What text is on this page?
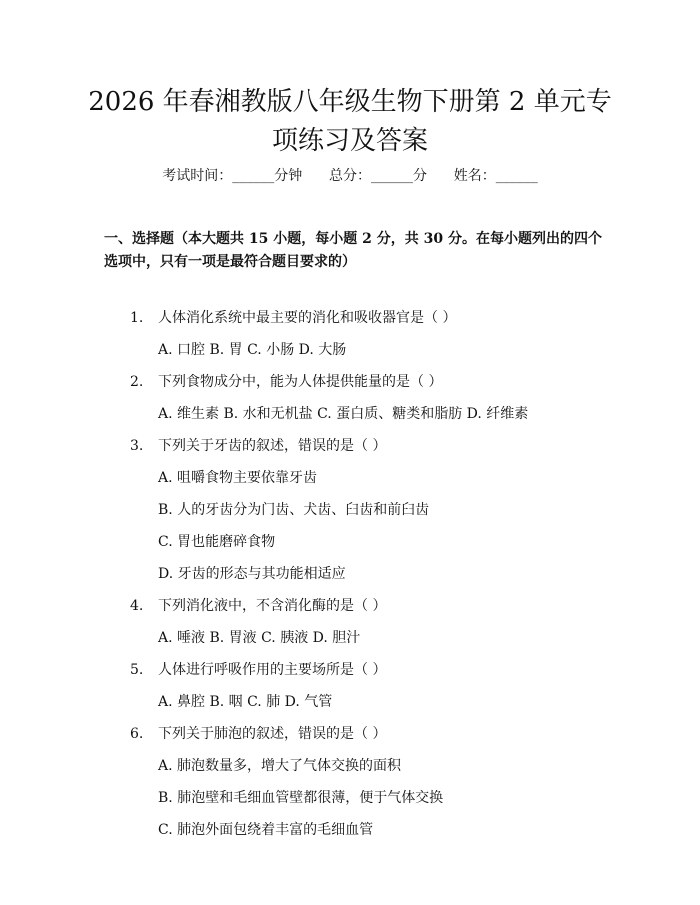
2026 年春湘教版八年级生物下册第 2 单元专
项练习及答案
考试时间：______分钟 总分：______分 姓名：______
一、选择题（本大题共 15 小题，每小题 2 分，共 30 分。在每小题列出的四个选项中，只有一项是最符合题目要求的）
1. 人体消化系统中最主要的消化和吸收器官是（ ）
A. 口腔 B. 胃 C. 小肠 D. 大肠
2. 下列食物成分中，能为人体提供能量的是（ ）
A. 维生素 B. 水和无机盐 C. 蛋白质、糖类和脂肪 D. 纤维素
3. 下列关于牙齿的叙述，错误的是（ ）
A. 咀嚼食物主要依靠牙齿
B. 人的牙齿分为门齿、犬齿、臼齿和前臼齿
C. 胃也能磨碎食物
D. 牙齿的形态与其功能相适应
4. 下列消化液中，不含消化酶的是（ ）
A. 唾液 B. 胃液 C. 胰液 D. 胆汁
5. 人体进行呼吸作用的主要场所是（ ）
A. 鼻腔 B. 咽 C. 肺 D. 气管
6. 下列关于肺泡的叙述，错误的是（ ）
A. 肺泡数量多，增大了气体交换的面积
B. 肺泡壁和毛细血管壁都很薄，便于气体交换
C. 肺泡外面包绕着丰富的毛细血管
